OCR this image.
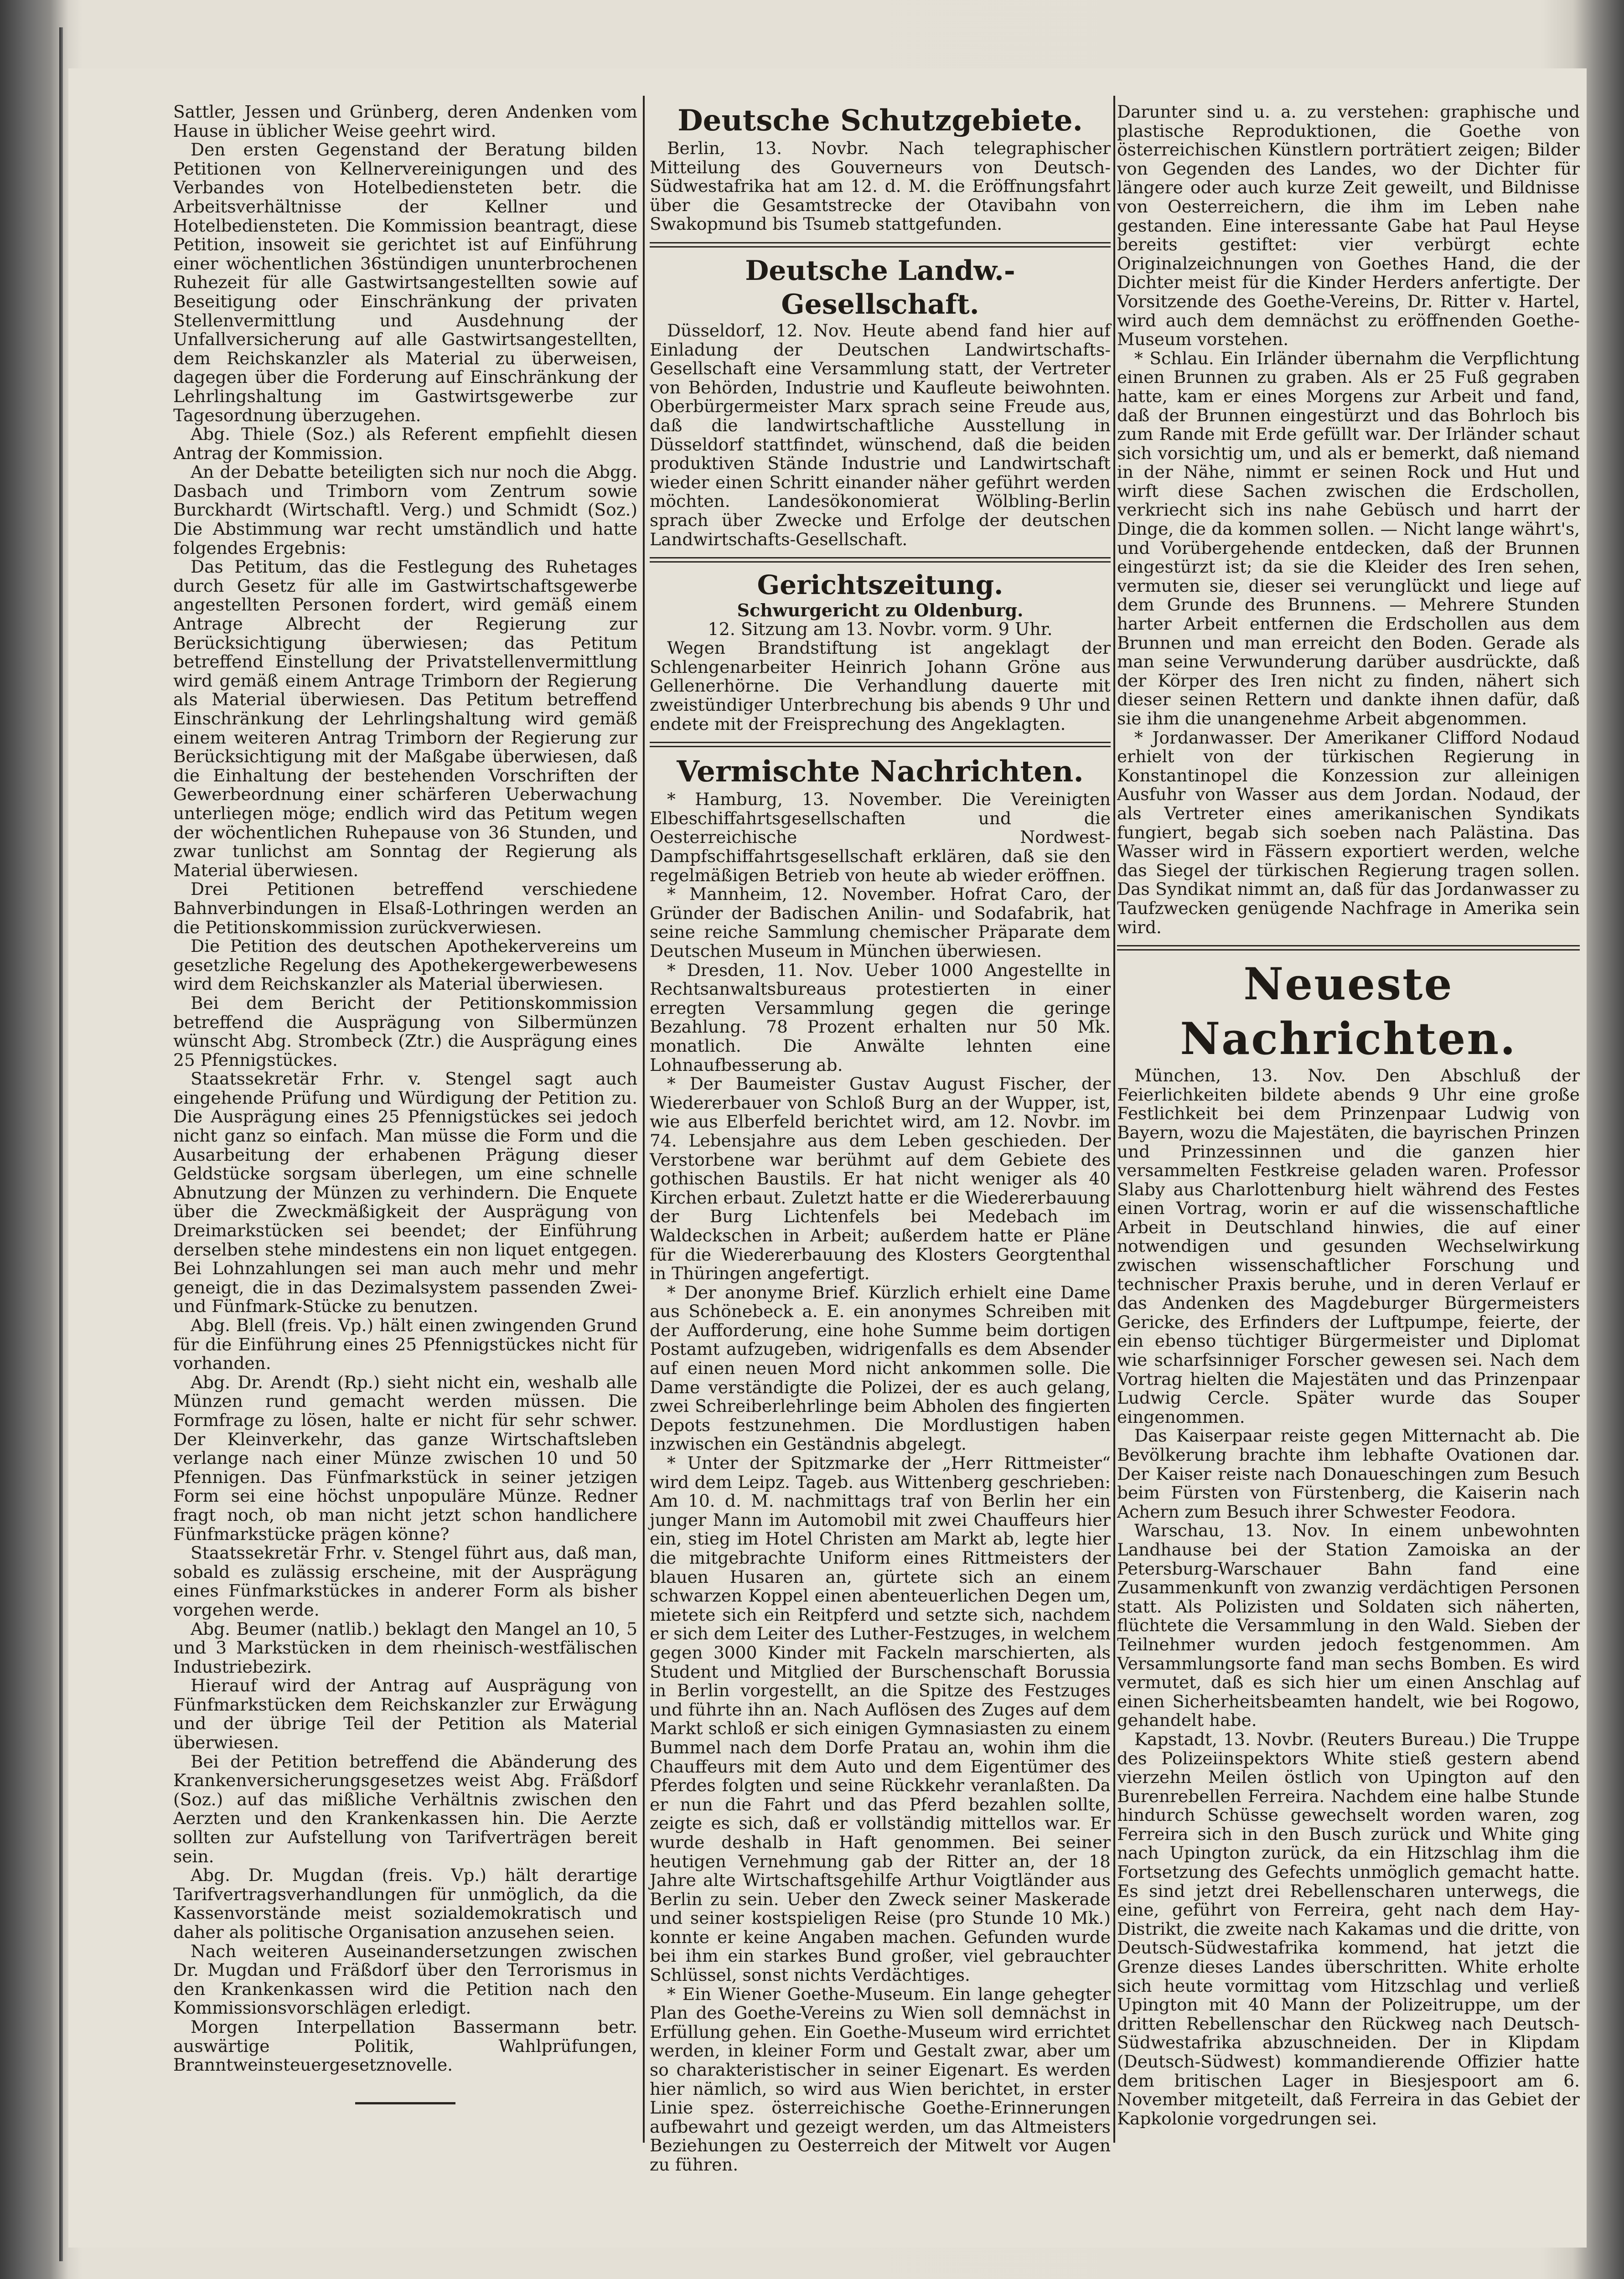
Sattler, Jessen und Grünberg, deren Andenken vom Hause in üblicher Weise geehrt wird.

Den ersten Gegenstand der Beratung bilden Petitionen von Kellnervereinigungen und des Verbandes von Hotelbediensteten betr. die Arbeitsverhältnisse der Kellner und Hotelbediensteten. Die Kommission beantragt, diese Petition, insoweit sie gerichtet ist auf Einführung einer wöchentlichen 36stündigen ununterbrochenen Ruhezeit für alle Gastwirtsangestellten sowie auf Beseitigung oder Einschränkung der privaten Stellenvermittlung und Ausdehnung der Unfallversicherung auf alle Gastwirtsangestellten, dem Reichskanzler als Material zu überweisen, dagegen über die Forderung auf Einschränkung der Lehrlingshaltung im Gastwirtsgewerbe zur Tagesordnung überzugehen.

Abg. Thiele (Soz.) als Referent empfiehlt diesen Antrag der Kommission.

An der Debatte beteiligten sich nur noch die Abgg. Dasbach und Trimborn vom Zentrum sowie Burckhardt (Wirtschaftl. Verg.) und Schmidt (Soz.) Die Abstimmung war recht umständlich und hatte folgendes Ergebnis:

Das Petitum, das die Festlegung des Ruhetages durch Gesetz für alle im Gastwirtschaftsgewerbe angestellten Personen fordert, wird gemäß einem Antrage Albrecht der Regierung zur Berücksichtigung überwiesen; das Petitum betreffend Einstellung der Privatstellenvermittlung wird gemäß einem Antrage Trimborn der Regierung als Material überwiesen. Das Petitum betreffend Einschränkung der Lehrlingshaltung wird gemäß einem weiteren Antrag Trimborn der Regierung zur Berücksichtigung mit der Maßgabe überwiesen, daß die Einhaltung der bestehenden Vorschriften der Gewerbeordnung einer schärferen Ueberwachung unterliegen möge; endlich wird das Petitum wegen der wöchentlichen Ruhepause von 36 Stunden, und zwar tunlichst am Sonntag der Regierung als Material überwiesen.

Drei Petitionen betreffend verschiedene Bahnverbindungen in Elsaß-Lothringen werden an die Petitionskommission zurückverwiesen.

Die Petition des deutschen Apothekervereins um gesetzliche Regelung des Apothekergewerbewesens wird dem Reichskanzler als Material überwiesen.

Bei dem Bericht der Petitionskommission betreffend die Ausprägung von Silbermünzen wünscht Abg. Strombeck (Ztr.) die Ausprägung eines 25 Pfennigstückes.

Staatssekretär Frhr. v. Stengel sagt auch eingehende Prüfung und Würdigung der Petition zu. Die Ausprägung eines 25 Pfennigstückes sei jedoch nicht ganz so einfach. Man müsse die Form und die Ausarbeitung der erhabenen Prägung dieser Geldstücke sorgsam überlegen, um eine schnelle Abnutzung der Münzen zu verhindern. Die Enquete über die Zweckmäßigkeit der Ausprägung von Dreimarkstücken sei beendet; der Einführung derselben stehe mindestens ein non liquet entgegen. Bei Lohnzahlungen sei man auch mehr und mehr geneigt, die in das Dezimalsystem passenden Zwei- und Fünfmark-Stücke zu benutzen.

Abg. Blell (freis. Vp.) hält einen zwingenden Grund für die Einführung eines 25 Pfennigstückes nicht für vorhanden.

Abg. Dr. Arendt (Rp.) sieht nicht ein, weshalb alle Münzen rund gemacht werden müssen. Die Formfrage zu lösen, halte er nicht für sehr schwer. Der Kleinverkehr, das ganze Wirtschaftsleben verlange nach einer Münze zwischen 10 und 50 Pfennigen. Das Fünfmarkstück in seiner jetzigen Form sei eine höchst unpopuläre Münze. Redner fragt noch, ob man nicht jetzt schon handlichere Fünfmarkstücke prägen könne?

Staatssekretär Frhr. v. Stengel führt aus, daß man, sobald es zulässig erscheine, mit der Ausprägung eines Fünfmarkstückes in anderer Form als bisher vorgehen werde.

Abg. Beumer (natlib.) beklagt den Mangel an 10, 5 und 3 Markstücken in dem rheinisch-westfälischen Industriebezirk.

Hierauf wird der Antrag auf Ausprägung von Fünfmarkstücken dem Reichskanzler zur Erwägung und der übrige Teil der Petition als Material überwiesen.

Bei der Petition betreffend die Abänderung des Krankenversicherungsgesetzes weist Abg. Fräßdorf (Soz.) auf das mißliche Verhältnis zwischen den Aerzten und den Krankenkassen hin. Die Aerzte sollten zur Aufstellung von Tarifverträgen bereit sein.

Abg. Dr. Mugdan (freis. Vp.) hält derartige Tarifvertragsverhandlungen für unmöglich, da die Kassenvorstände meist sozialdemokratisch und daher als politische Organisation anzusehen seien.

Nach weiteren Auseinandersetzungen zwischen Dr. Mugdan und Fräßdorf über den Terrorismus in den Krankenkassen wird die Petition nach den Kommissionsvorschlägen erledigt.

Morgen Interpellation Bassermann betr. auswärtige Politik, Wahlprüfungen, Branntweinsteuergesetznovelle.

Deutsche Schutzgebiete.

Berlin, 13. Novbr. Nach telegraphischer Mitteilung des Gouverneurs von Deutsch-Südwestafrika hat am 12. d. M. die Eröffnungsfahrt über die Gesamtstrecke der Otavibahn von Swakopmund bis Tsumeb stattgefunden.

Deutsche Landw.-Gesellschaft.

Düsseldorf, 12. Nov. Heute abend fand hier auf Einladung der Deutschen Landwirtschafts-Gesellschaft eine Versammlung statt, der Vertreter von Behörden, Industrie und Kaufleute beiwohnten. Oberbürgermeister Marx sprach seine Freude aus, daß die landwirtschaftliche Ausstellung in Düsseldorf stattfindet, wünschend, daß die beiden produktiven Stände Industrie und Landwirtschaft wieder einen Schritt einander näher geführt werden möchten. Landesökonomierat Wölbling-Berlin sprach über Zwecke und Erfolge der deutschen Landwirtschafts-Gesellschaft.

Gerichtszeitung.

Schwurgericht zu Oldenburg.

12. Sitzung am 13. Novbr. vorm. 9 Uhr.

Wegen Brandstiftung ist angeklagt der Schlengenarbeiter Heinrich Johann Gröne aus Gellenerhörne. Die Verhandlung dauerte mit zweistündiger Unterbrechung bis abends 9 Uhr und endete mit der Freisprechung des Angeklagten.

Vermischte Nachrichten.

* Hamburg, 13. November. Die Vereinigten Elbeschiffahrtsgesellschaften und die Oesterreichische Nordwest-Dampfschiffahrtsgesellschaft erklären, daß sie den regelmäßigen Betrieb von heute ab wieder eröffnen.

* Mannheim, 12. November. Hofrat Caro, der Gründer der Badischen Anilin- und Sodafabrik, hat seine reiche Sammlung chemischer Präparate dem Deutschen Museum in München überwiesen.

* Dresden, 11. Nov. Ueber 1000 Angestellte in Rechtsanwaltsbureaus protestierten in einer erregten Versammlung gegen die geringe Bezahlung. 78 Prozent erhalten nur 50 Mk. monatlich. Die Anwälte lehnten eine Lohnaufbesserung ab.

* Der Baumeister Gustav August Fischer, der Wiedererbauer von Schloß Burg an der Wupper, ist, wie aus Elberfeld berichtet wird, am 12. Novbr. im 74. Lebensjahre aus dem Leben geschieden. Der Verstorbene war berühmt auf dem Gebiete des gothischen Baustils. Er hat nicht weniger als 40 Kirchen erbaut. Zuletzt hatte er die Wiedererbauung der Burg Lichtenfels bei Medebach im Waldeckschen in Arbeit; außerdem hatte er Pläne für die Wiedererbauung des Klosters Georgtenthal in Thüringen angefertigt.

* Der anonyme Brief. Kürzlich erhielt eine Dame aus Schönebeck a. E. ein anonymes Schreiben mit der Aufforderung, eine hohe Summe beim dortigen Postamt aufzugeben, widrigenfalls es dem Absender auf einen neuen Mord nicht ankommen solle. Die Dame verständigte die Polizei, der es auch gelang, zwei Schreiberlehrlinge beim Abholen des fingierten Depots festzunehmen. Die Mordlustigen haben inzwischen ein Geständnis abgelegt.

* Unter der Spitzmarke der „Herr Rittmeister“ wird dem Leipz. Tageb. aus Wittenberg geschrieben: Am 10. d. M. nachmittags traf von Berlin her ein junger Mann im Automobil mit zwei Chauffeurs hier ein, stieg im Hotel Christen am Markt ab, legte hier die mitgebrachte Uniform eines Rittmeisters der blauen Husaren an, gürtete sich an einem schwarzen Koppel einen abenteuerlichen Degen um, mietete sich ein Reitpferd und setzte sich, nachdem er sich dem Leiter des Luther-Festzuges, in welchem gegen 3000 Kinder mit Fackeln marschierten, als Student und Mitglied der Burschenschaft Borussia in Berlin vorgestellt, an die Spitze des Festzuges und führte ihn an. Nach Auflösen des Zuges auf dem Markt schloß er sich einigen Gymnasiasten zu einem Bummel nach dem Dorfe Pratau an, wohin ihm die Chauffeurs mit dem Auto und dem Eigentümer des Pferdes folgten und seine Rückkehr veranlaßten. Da er nun die Fahrt und das Pferd bezahlen sollte, zeigte es sich, daß er vollständig mittellos war. Er wurde deshalb in Haft genommen. Bei seiner heutigen Vernehmung gab der Ritter an, der 18 Jahre alte Wirtschaftsgehilfe Arthur Voigtländer aus Berlin zu sein. Ueber den Zweck seiner Maskerade und seiner kostspieligen Reise (pro Stunde 10 Mk.) konnte er keine Angaben machen. Gefunden wurde bei ihm ein starkes Bund großer, viel gebrauchter Schlüssel, sonst nichts Verdächtiges.

* Ein Wiener Goethe-Museum. Ein lange gehegter Plan des Goethe-Vereins zu Wien soll demnächst in Erfüllung gehen. Ein Goethe-Museum wird errichtet werden, in kleiner Form und Gestalt zwar, aber um so charakteristischer in seiner Eigenart. Es werden hier nämlich, so wird aus Wien berichtet, in erster Linie spez. österreichische Goethe-Erinnerungen aufbewahrt und gezeigt werden, um das Altmeisters Beziehungen zu Oesterreich der Mitwelt vor Augen zu führen.

Darunter sind u. a. zu verstehen: graphische und plastische Reproduktionen, die Goethe von österreichischen Künstlern porträtiert zeigen; Bilder von Gegenden des Landes, wo der Dichter für längere oder auch kurze Zeit geweilt, und Bildnisse von Oesterreichern, die ihm im Leben nahe gestanden. Eine interessante Gabe hat Paul Heyse bereits gestiftet: vier verbürgt echte Originalzeichnungen von Goethes Hand, die der Dichter meist für die Kinder Herders anfertigte. Der Vorsitzende des Goethe-Vereins, Dr. Ritter v. Hartel, wird auch dem demnächst zu eröffnenden Goethe-Museum vorstehen.

* Schlau. Ein Irländer übernahm die Verpflichtung einen Brunnen zu graben. Als er 25 Fuß gegraben hatte, kam er eines Morgens zur Arbeit und fand, daß der Brunnen eingestürzt und das Bohrloch bis zum Rande mit Erde gefüllt war. Der Irländer schaut sich vorsichtig um, und als er bemerkt, daß niemand in der Nähe, nimmt er seinen Rock und Hut und wirft diese Sachen zwischen die Erdschollen, verkriecht sich ins nahe Gebüsch und harrt der Dinge, die da kommen sollen. — Nicht lange währt's, und Vorübergehende entdecken, daß der Brunnen eingestürzt ist; da sie die Kleider des Iren sehen, vermuten sie, dieser sei verunglückt und liege auf dem Grunde des Brunnens. — Mehrere Stunden harter Arbeit entfernen die Erdschollen aus dem Brunnen und man erreicht den Boden. Gerade als man seine Verwunderung darüber ausdrückte, daß der Körper des Iren nicht zu finden, nähert sich dieser seinen Rettern und dankte ihnen dafür, daß sie ihm die unangenehme Arbeit abgenommen.

* Jordanwasser. Der Amerikaner Clifford Nodaud erhielt von der türkischen Regierung in Konstantinopel die Konzession zur alleinigen Ausfuhr von Wasser aus dem Jordan. Nodaud, der als Vertreter eines amerikanischen Syndikats fungiert, begab sich soeben nach Palästina. Das Wasser wird in Fässern exportiert werden, welche das Siegel der türkischen Regierung tragen sollen. Das Syndikat nimmt an, daß für das Jordanwasser zu Taufzwecken genügende Nachfrage in Amerika sein wird.

Neueste Nachrichten.

München, 13. Nov. Den Abschluß der Feierlichkeiten bildete abends 9 Uhr eine große Festlichkeit bei dem Prinzenpaar Ludwig von Bayern, wozu die Majestäten, die bayrischen Prinzen und Prinzessinnen und die ganzen hier versammelten Festkreise geladen waren. Professor Slaby aus Charlottenburg hielt während des Festes einen Vortrag, worin er auf die wissenschaftliche Arbeit in Deutschland hinwies, die auf einer notwendigen und gesunden Wechselwirkung zwischen wissenschaftlicher Forschung und technischer Praxis beruhe, und in deren Verlauf er das Andenken des Magdeburger Bürgermeisters Gericke, des Erfinders der Luftpumpe, feierte, der ein ebenso tüchtiger Bürgermeister und Diplomat wie scharfsinniger Forscher gewesen sei. Nach dem Vortrag hielten die Majestäten und das Prinzenpaar Ludwig Cercle. Später wurde das Souper eingenommen.

Das Kaiserpaar reiste gegen Mitternacht ab. Die Bevölkerung brachte ihm lebhafte Ovationen dar. Der Kaiser reiste nach Donaueschingen zum Besuch beim Fürsten von Fürstenberg, die Kaiserin nach Achern zum Besuch ihrer Schwester Feodora.

Warschau, 13. Nov. In einem unbewohnten Landhause bei der Station Zamoiska an der Petersburg-Warschauer Bahn fand eine Zusammenkunft von zwanzig verdächtigen Personen statt. Als Polizisten und Soldaten sich näherten, flüchtete die Versammlung in den Wald. Sieben der Teilnehmer wurden jedoch festgenommen. Am Versammlungsorte fand man sechs Bomben. Es wird vermutet, daß es sich hier um einen Anschlag auf einen Sicherheitsbeamten handelt, wie bei Rogowo, gehandelt habe.

Kapstadt, 13. Novbr. (Reuters Bureau.) Die Truppe des Polizeiinspektors White stieß gestern abend vierzehn Meilen östlich von Upington auf den Burenrebellen Ferreira. Nachdem eine halbe Stunde hindurch Schüsse gewechselt worden waren, zog Ferreira sich in den Busch zurück und White ging nach Upington zurück, da ein Hitzschlag ihm die Fortsetzung des Gefechts unmöglich gemacht hatte. Es sind jetzt drei Rebellenscharen unterwegs, die eine, geführt von Ferreira, geht nach dem Hay-Distrikt, die zweite nach Kakamas und die dritte, von Deutsch-Südwestafrika kommend, hat jetzt die Grenze dieses Landes überschritten. White erholte sich heute vormittag vom Hitzschlag und verließ Upington mit 40 Mann der Polizeitruppe, um der dritten Rebellenschar den Rückweg nach Deutsch-Südwestafrika abzuschneiden. Der in Klipdam (Deutsch-Südwest) kommandierende Offizier hatte dem britischen Lager in Biesjespoort am 6. November mitgeteilt, daß Ferreira in das Gebiet der Kapkolonie vorgedrungen sei.
